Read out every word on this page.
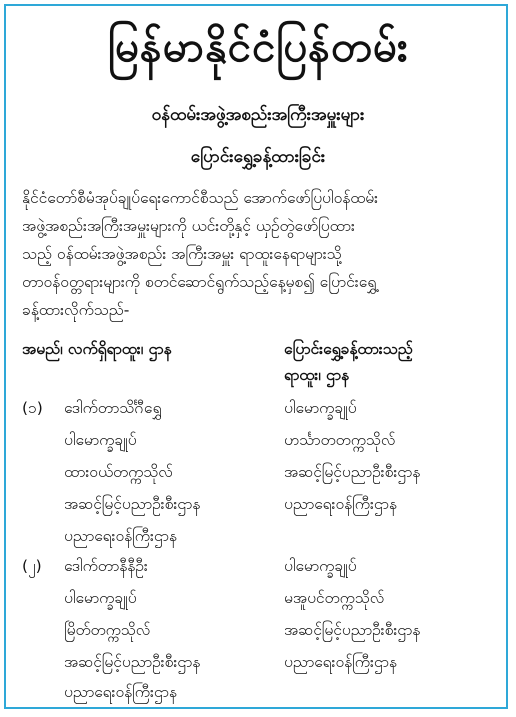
မြန်မာနိုင်ငံပြန်တမ်း
ဝန်ထမ်းအဖွဲ့အစည်းအကြီးအမှူးများ
ပြောင်းရွှေ့ခန့်ထားခြင်း
နိုင်ငံတော်စီမံအုပ်ချုပ်ရေးကောင်စီသည် အောက်ဖော်ပြပါဝန်ထမ်း
အဖွဲ့အစည်းအကြီးအမှူးများကို ယင်းတို့နှင့် ယှဉ်တွဲဖော်ပြထား
သည့် ဝန်ထမ်းအဖွဲ့အစည်း အကြီးအမှူး ရာထူးနေရာများသို့
တာဝန်ဝတ္တရားများကို စတင်ဆောင်ရွက်သည့်နေ့မှစ၍ ပြောင်းရွှေ့
ခန့်ထားလိုက်သည်-
အမည်၊ လက်ရှိရာထူး၊ ဌာန	ပြောင်းရွှေ့ခန့်ထားသည့်
ရာထူး၊ ဌာန
(၁) ဒေါက်တာသိင်္ဂီရွှေ
ပါမောက္ခချုပ်
ထားဝယ်တက္ကသိုလ်
အဆင့်မြင့်ပညာဦးစီးဌာန
ပညာရေးဝန်ကြီးဌာန
ပါမောက္ခချုပ်
ဟင်္သာတတက္ကသိုလ်
အဆင့်မြင့်ပညာဦးစီးဌာန
ပညာရေးဝန်ကြီးဌာန
(၂) ဒေါက်တာနီနီဦး
ပါမောက္ခချုပ်
မြိတ်တက္ကသိုလ်
အဆင့်မြင့်ပညာဦးစီးဌာန
ပညာရေးဝန်ကြီးဌာန
ပါမောက္ခချုပ်
မအူပင်တက္ကသိုလ်
အဆင့်မြင့်ပညာဦးစီးဌာန
ပညာရေးဝန်ကြီးဌာန
